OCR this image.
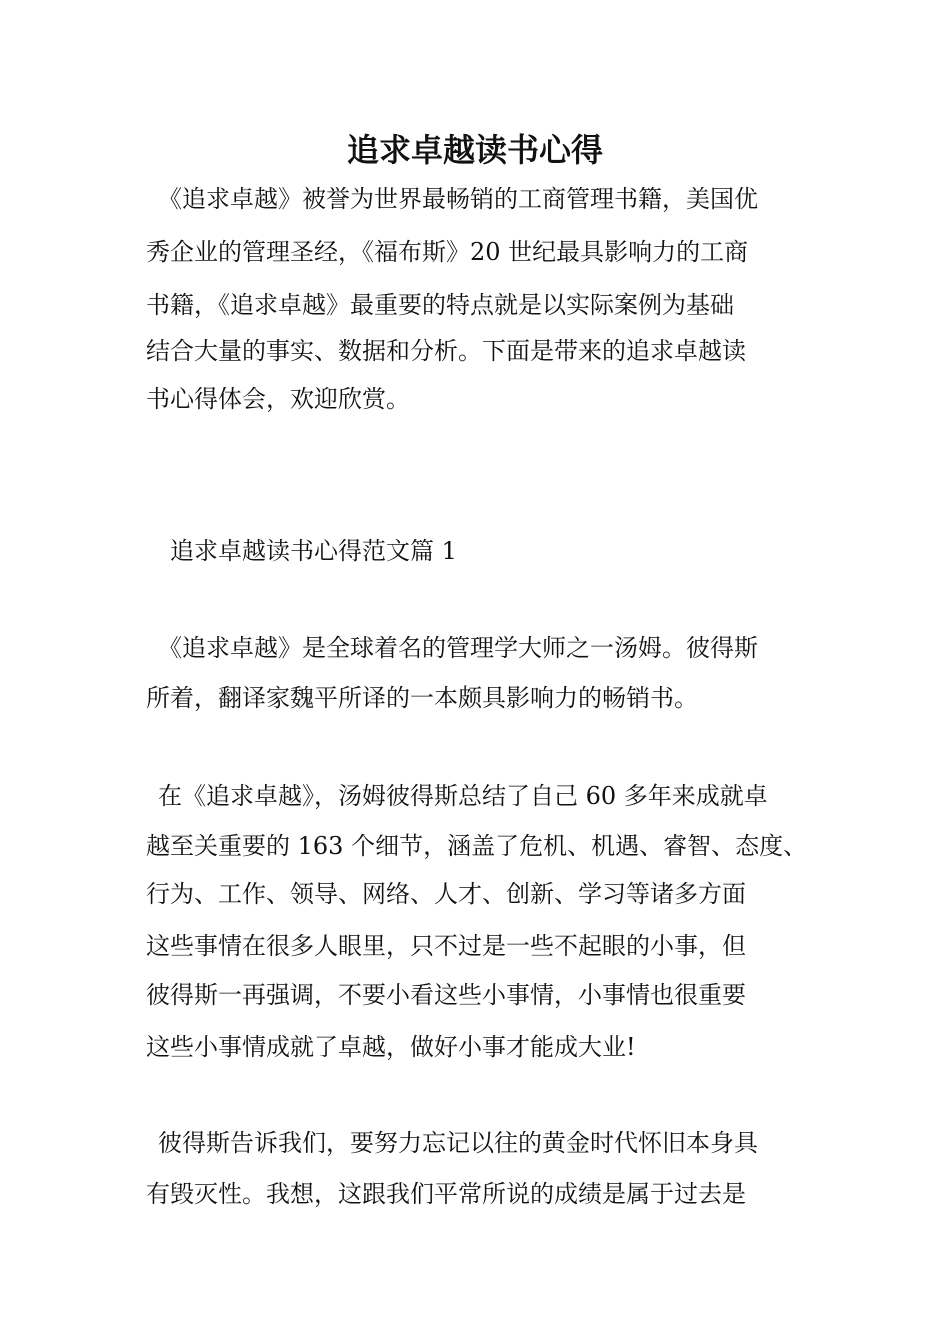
追求卓越读书心得
《追求卓越》被誉为世界最畅销的工商管理书籍，美国优
秀企业的管理圣经，《福布斯》20 世纪最具影响力的工商
书籍，《追求卓越》最重要的特点就是以实际案例为基础
结合大量的事实、数据和分析。下面是带来的追求卓越读
书心得体会，欢迎欣赏。
追求卓越读书心得范文篇 1
《追求卓越》是全球着名的管理学大师之一汤姆。彼得斯
所着，翻译家魏平所译的一本颇具影响力的畅销书。
在《追求卓越》，汤姆彼得斯总结了自己 60 多年来成就卓
越至关重要的 163 个细节，涵盖了危机、机遇、睿智、态度、
行为、工作、领导、网络、人才、创新、学习等诸多方面
这些事情在很多人眼里，只不过是一些不起眼的小事，但
彼得斯一再强调，不要小看这些小事情，小事情也很重要
这些小事情成就了卓越，做好小事才能成大业!
彼得斯告诉我们，要努力忘记以往的黄金时代怀旧本身具
有毁灭性。我想，这跟我们平常所说的成绩是属于过去是
